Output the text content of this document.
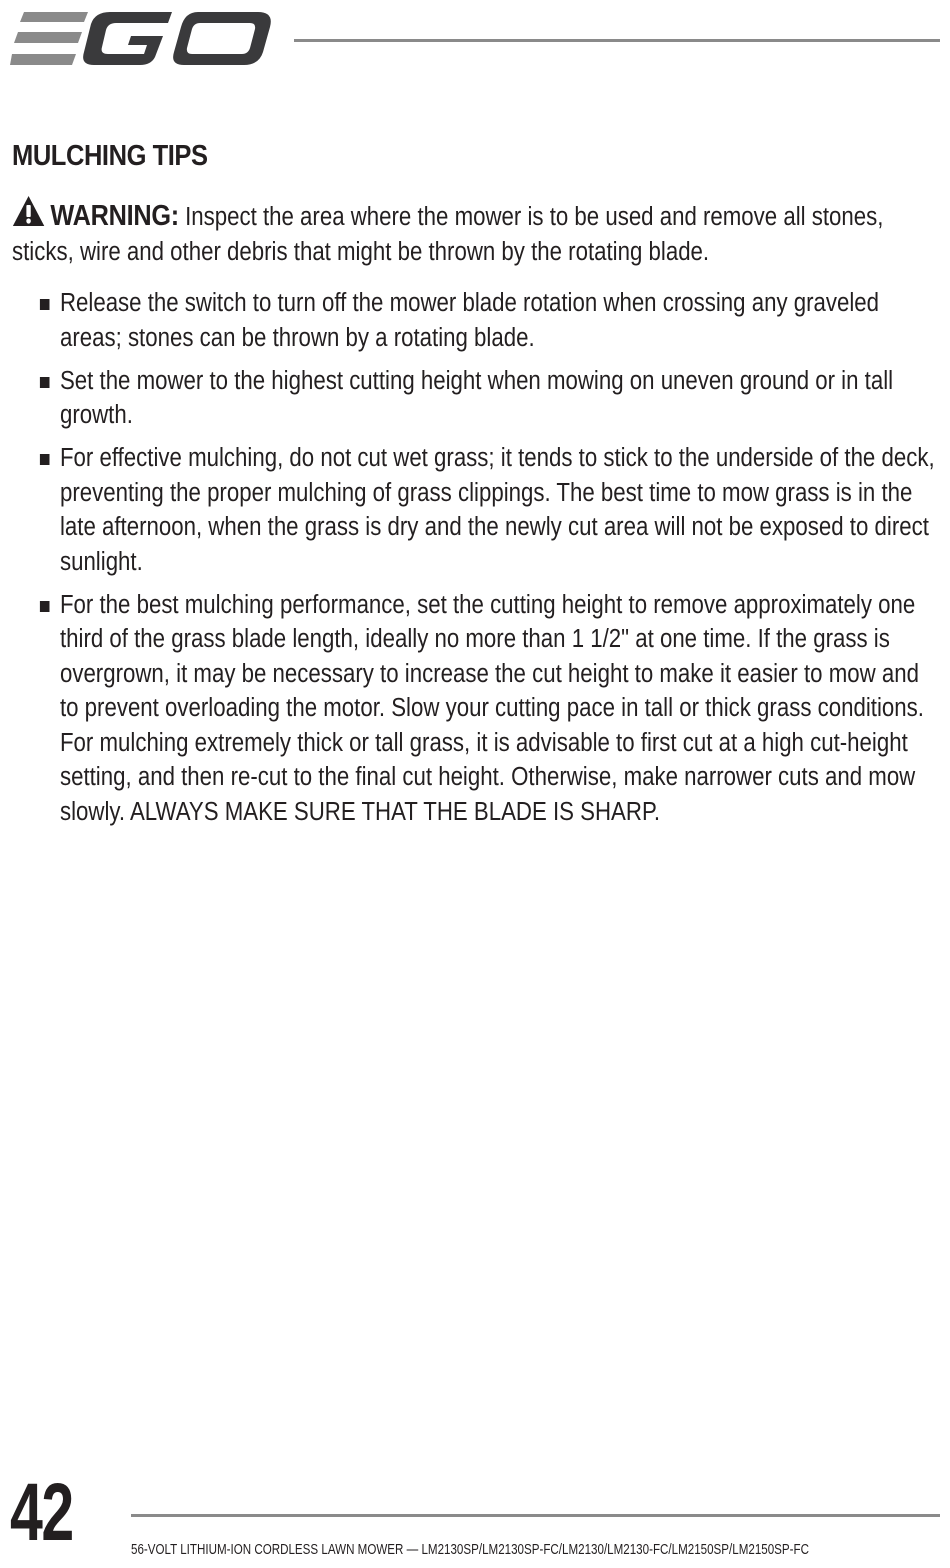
MULCHING TIPS

WARNING: Inspect the area where the mower is to be used and remove all stones, sticks, wire and other debris that might be thrown by the rotating blade.

Release the switch to turn off the mower blade rotation when crossing any graveled areas; stones can be thrown by a rotating blade.
Set the mower to the highest cutting height when mowing on uneven ground or in tall growth.
For effective mulching, do not cut wet grass; it tends to stick to the underside of the deck, preventing the proper mulching of grass clippings. The best time to mow grass is in the late afternoon, when the grass is dry and the newly cut area will not be exposed to direct sunlight.
For the best mulching performance, set the cutting height to remove approximately one third of the grass blade length, ideally no more than 1 1/2" at one time. If the grass is overgrown, it may be necessary to increase the cut height to make it easier to mow and to prevent overloading the motor. Slow your cutting pace in tall or thick grass conditions. For mulching extremely thick or tall grass, it is advisable to first cut at a high cut-height setting, and then re-cut to the final cut height. Otherwise, make narrower cuts and mow slowly. ALWAYS MAKE SURE THAT THE BLADE IS SHARP.
42	56-VOLT LITHIUM-ION CORDLESS LAWN MOWER — LM2130SP/LM2130SP-FC/LM2130/LM2130-FC/LM2150SP/LM2150SP-FC
